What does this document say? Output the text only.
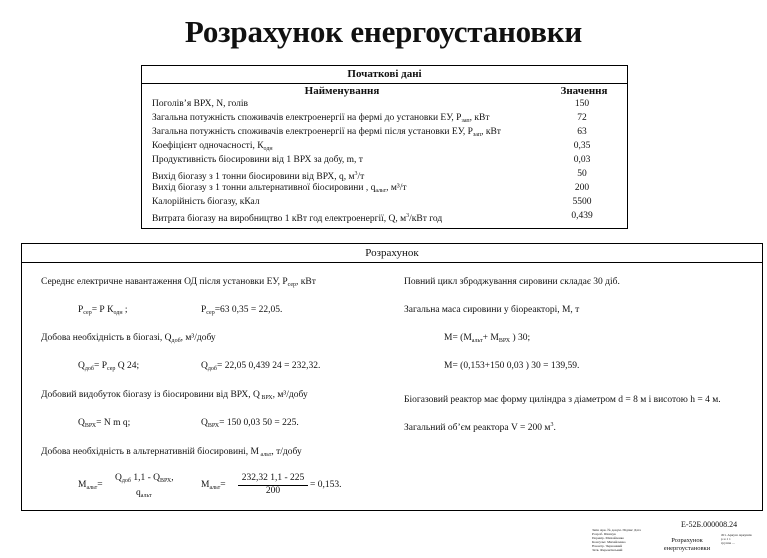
Розрахунок енергоустановки
Початкові дані
Найменування	Значення
Поголів’я ВРХ, N, голів	150
Загальна потужність споживачів електроенергії на фермі до установки ЕУ, $Р_{зап}$, кВт	72
Загальна потужність споживачів електроенергії на фермі після установки ЕУ, $Р_{зап}$, кВт	63
Коефіцієнт одночасності, $К_{одн}$	0,35
Продуктивність біосировини від 1 ВРХ за добу, m, т	0,03
Вихід біогазу з 1 тонни біосировини від ВРХ, q, $м^3/т$	50
Вихід біогазу з 1 тонни альтернативної біосировини , $q_{альт}$, м³/т	200
Калорійність біогазу, кКал	5500
Витрата біогазу на виробництво 1 кВт год електроенергії, Q, $м^3$/кВт год	0,439
Розрахунок
Середнє електричне навантаження ОД після установки ЕУ, $Р_{сер}$, кВт
$Р_{сер}= Р$ $К_{одн}$ ;	$Р_{сер}=63$ 0,35 = 22,05.
Добова необхідність в біогазі, $Q_{доб}$, м³/добу
$Q_{доб}= Р_{сер}$ Q 24;	$Q_{доб}= 22,05$ 0,439 24 = 232,32.
Добовий видобуток біогазу із біосировини від ВРХ, Q $_{ВРХ}$, м³/добу
$Q_{ВРХ}= N$ m q;	$Q_{ВРХ}= 150$ 0,03 50 = 225.
Добова необхідність в альтернативній біосировині, М $_{альт}$, т/добу
$М_{альт}=$
$Q_{доб}$ $1,1 - Q_{ВРХ}$,
$q_{альт}$
$М_{альт}=$
232,32 1,1 - 225
200
= 0,153.
Повний цикл зброджування сировини складає 30 діб.
Загальна маса сировини у біореакторі, М, т
$М= (М_{альт}+ М_{ВРХ}$ ) 30;
М= (0,153+150 0,03 ) 30 = 139,59.
Біогазовий реактор має форму циліндра з діаметром d = 8 м і висотою h = 4 м.
Загальний об’єм реактора V = 200 $м^3$.
Е-52Б.000008.24
Змін Арк. № докум. Підпис Дата
Розроб. Шевчук
Перевір. Михайленко
Консульт. Михайленко
Н.контр. Червонний
Затв. Ференсівський
Розрахунок
енергоустановки
Літ. Аркуш Аркушів
р н 1 1
группа ...
